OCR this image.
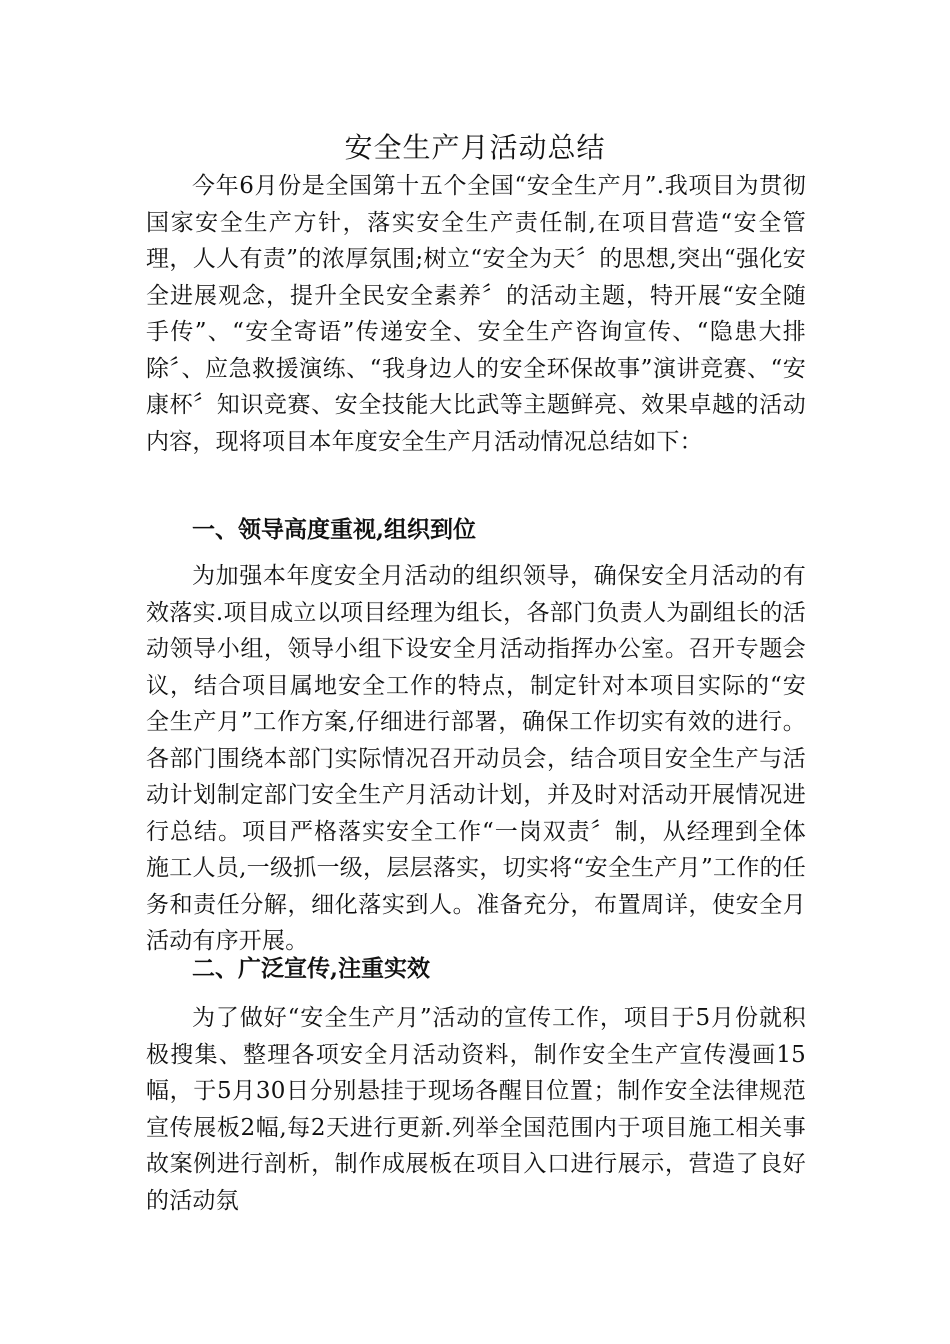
安全生产月活动总结

今年6月份是全国第十五个全国“安全生产月”.我项目为贯彻国家安全生产方针，落实安全生产责任制,在项目营造“安全管理，人人有责”的浓厚氛围;树立“安全为天〞的思想,突出“强化安全进展观念，提升全民安全素养〞的活动主题，特开展“安全随手传”、“安全寄语”传递安全、安全生产咨询宣传、“隐患大排除〞、应急救援演练、“我身边人的安全环保故事”演讲竞赛、“安康杯〞知识竞赛、安全技能大比武等主题鲜亮、效果卓越的活动内容，现将项目本年度安全生产月活动情况总结如下：

一、领导高度重视,组织到位

为加强本年度安全月活动的组织领导，确保安全月活动的有效落实.项目成立以项目经理为组长，各部门负责人为副组长的活动领导小组，领导小组下设安全月活动指挥办公室。召开专题会议，结合项目属地安全工作的特点，制定针对本项目实际的“安全生产月”工作方案,仔细进行部署，确保工作切实有效的进行。各部门围绕本部门实际情况召开动员会，结合项目安全生产与活动计划制定部门安全生产月活动计划，并及时对活动开展情况进行总结。项目严格落实安全工作“一岗双责〞制，从经理到全体施工人员,一级抓一级，层层落实，切实将“安全生产月”工作的任务和责任分解，细化落实到人。准备充分，布置周详，使安全月活动有序开展。

二、广泛宣传,注重实效

为了做好“安全生产月”活动的宣传工作，项目于5月份就积极搜集、整理各项安全月活动资料，制作安全生产宣传漫画15幅，于5月30日分别悬挂于现场各醒目位置；制作安全法律规范宣传展板2幅,每2天进行更新.列举全国范围内于项目施工相关事故案例进行剖析，制作成展板在项目入口进行展示，营造了良好的活动氛
